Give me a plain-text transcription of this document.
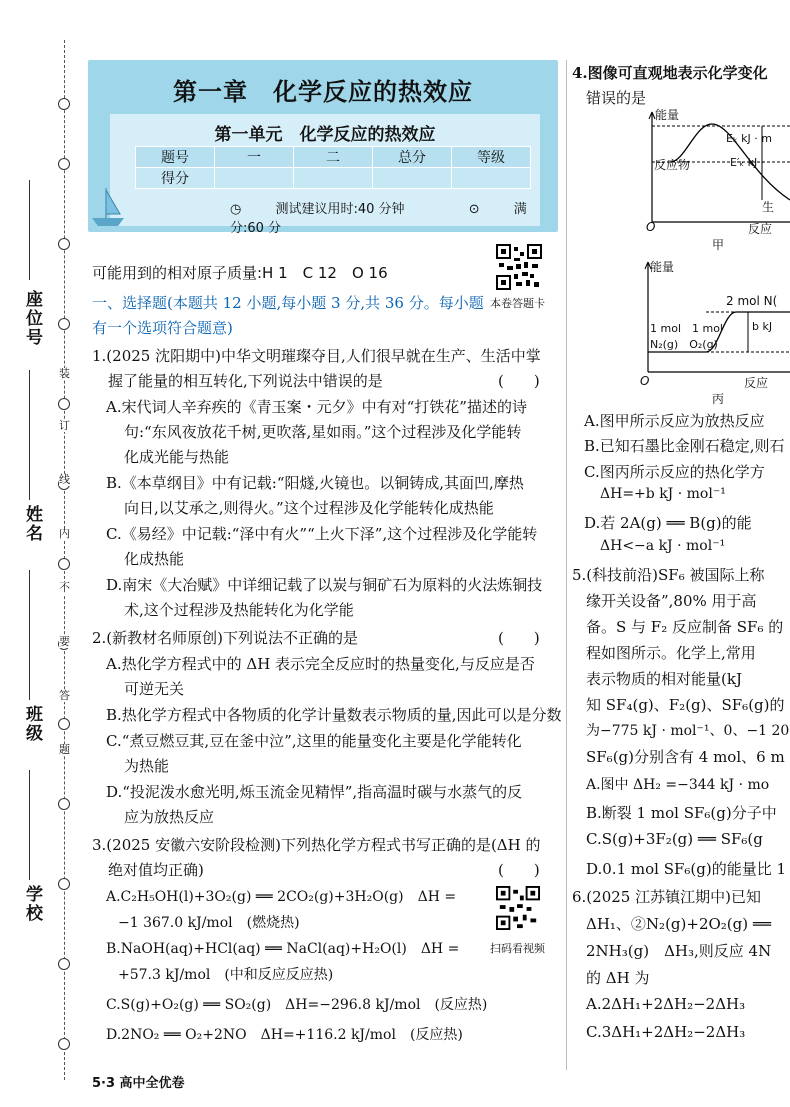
装
订
线
内
不
要
答
题
座位号
姓名
班级
学校
第一章　化学反应的热效应
第一单元　化学反应的热效应
题号	一	二	总分	等级
得分				
◷	测试建议用时:40 分钟	⊙	满分:60 分
本卷答题卡
可能用到的相对原子质量:H 1　C 12　O 16
一、选择题(本题共 12 小题,每小题 3 分,共 36 分。每小题
有一个选项符合题意)
1.(2025 沈阳期中)中华文明璀璨夺目,人们很早就在生产、生活中掌
握了能量的相互转化,下列说法中错误的是	(　　)
A.宋代词人辛弃疾的《青玉案・元夕》中有对“打铁花”描述的诗
句:“东风夜放花千树,更吹落,星如雨。”这个过程涉及化学能转
化成光能与热能
B.《本草纲目》中有记载:“阳燧,火镜也。以铜铸成,其面凹,摩热
向日,以艾承之,则得火。”这个过程涉及化学能转化成热能
C.《易经》中记载:“泽中有火”“上火下泽”,这个过程涉及化学能转
化成热能
D.南宋《大冶赋》中详细记载了以炭与铜矿石为原料的火法炼铜技
术,这个过程涉及热能转化为化学能
2.(新教材名师原创)下列说法不正确的是	(　　)
A.热化学方程式中的 ΔH 表示完全反应时的热量变化,与反应是否
可逆无关
B.热化学方程式中各物质的化学计量数表示物质的量,因此可以是分数
C.“煮豆燃豆萁,豆在釜中泣”,这里的能量变化主要是化学能转化
为热能
D.“投泥泼水愈光明,烁玉流金见精悍”,指高温时碳与水蒸气的反
应为放热反应
3.(2025 安徽六安阶段检测)下列热化学方程式书写正确的是(ΔH 的
绝对值均正确)	(　　)
A.C₂H₅OH(l)+3O₂(g) ══ 2CO₂(g)+3H₂O(g)　ΔH =
−1 367.0 kJ/mol　(燃烧热)
B.NaOH(aq)+HCl(aq) ══ NaCl(aq)+H₂O(l)　ΔH =
+57.3 kJ/mol　(中和反应反应热)
C.S(g)+O₂(g) ══ SO₂(g)　ΔH=−296.8 kJ/mol　(反应热)
D.2NO₂ ══ O₂+2NO　ΔH=+116.2 kJ/mol　(反应热)
扫码看视频
5·3 高中全优卷
4.图像可直观地表示化学变化
错误的是
能量
反应物
Eₖ kJ · m
E′ₖ kJ ·
生
O	反应
甲
能量
2 mol N(
1 mol　1 mol
N₂(g)　O₂(g)
b kJ
O	反应
丙
A.图甲所示反应为放热反应
B.已知石墨比金刚石稳定,则石
C.图丙所示反应的热化学方
ΔH=+b kJ · mol⁻¹
D.若 2A(g) ══ B(g)的能
ΔH<−a kJ · mol⁻¹
5.(科技前沿)SF₆ 被国际上称
缘开关设备”,80% 用于高
备。S 与 F₂ 反应制备 SF₆ 的
程如图所示。化学上,常用
表示物质的相对能量(kJ
知 SF₄(g)、F₂(g)、SF₆(g)的
为−775 kJ · mol⁻¹、0、−1 20
SF₆(g)分别含有 4 mol、6 m
A.图中 ΔH₂ =−344 kJ · mo
B.断裂 1 mol SF₆(g)分子中
C.S(g)+3F₂(g) ══ SF₆(g
D.0.1 mol SF₆(g)的能量比 1
6.(2025 江苏镇江期中)已知
ΔH₁、②N₂(g)+2O₂(g) ══
2NH₃(g)　ΔH₃,则反应 4N
的 ΔH 为
A.2ΔH₁+2ΔH₂−2ΔH₃
C.3ΔH₁+2ΔH₂−2ΔH₃
